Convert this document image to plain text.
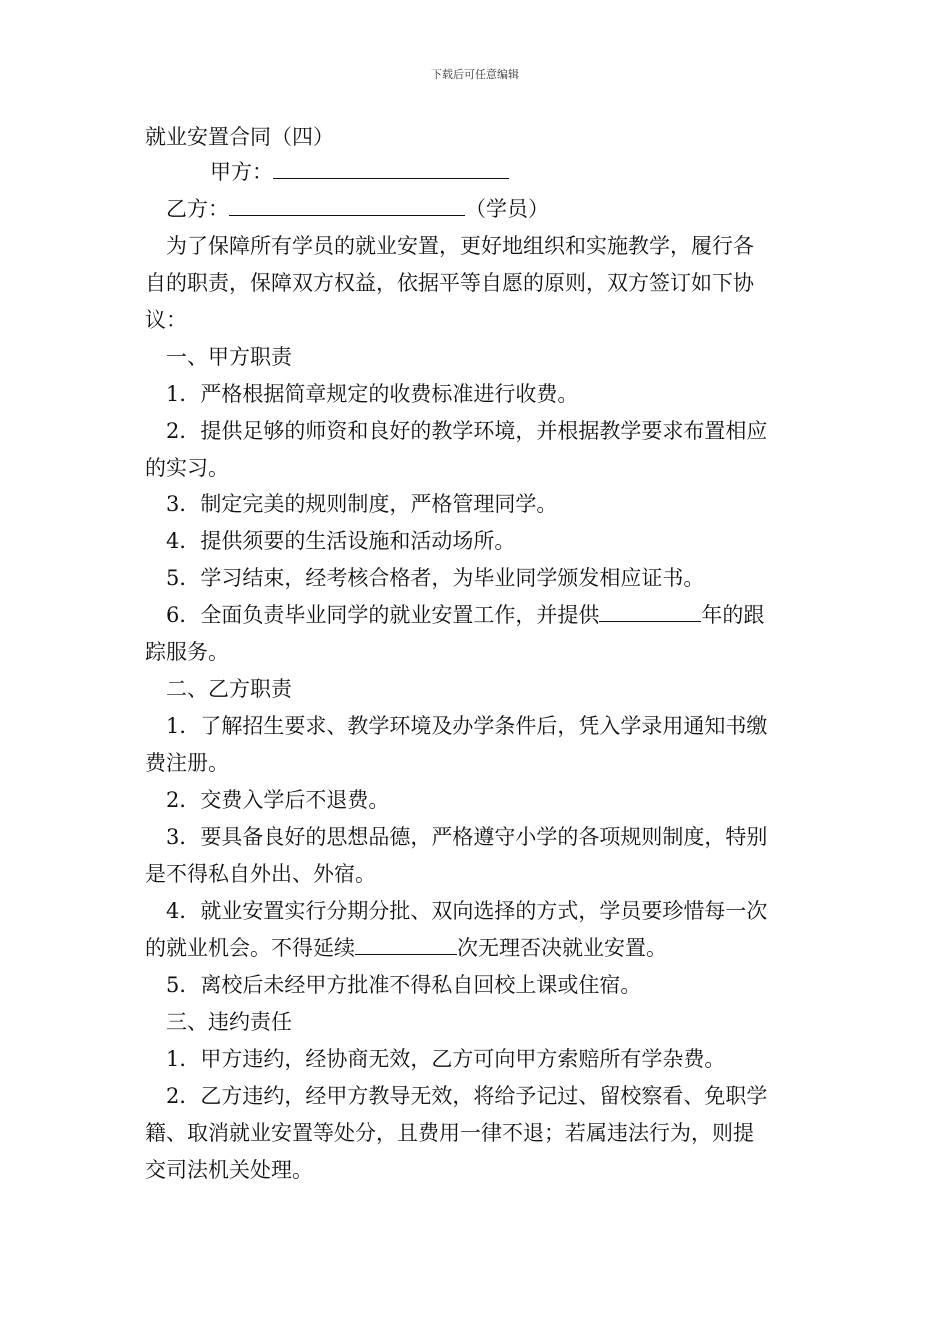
下载后可任意编辑
就业安置合同（四）
甲方：
乙方：	（学员）
为了保障所有学员的就业安置，更好地组织和实施教学，履行各
自的职责，保障双方权益，依据平等自愿的原则，双方签订如下协
议：
一、甲方职责
1．严格根据简章规定的收费标准进行收费。
2．提供足够的师资和良好的教学环境，并根据教学要求布置相应
的实习。
3．制定完美的规则制度，严格管理同学。
4．提供须要的生活设施和活动场所。
5．学习结束，经考核合格者，为毕业同学颁发相应证书。
6．全面负责毕业同学的就业安置工作，并提供	年的跟
踪服务。
二、乙方职责
1．了解招生要求、教学环境及办学条件后，凭入学录用通知书缴
费注册。
2．交费入学后不退费。
3．要具备良好的思想品德，严格遵守小学的各项规则制度，特别
是不得私自外出、外宿。
4．就业安置实行分期分批、双向选择的方式，学员要珍惜每一次
的就业机会。不得延续	次无理否决就业安置。
5．离校后未经甲方批准不得私自回校上课或住宿。
三、违约责任
1．甲方违约，经协商无效，乙方可向甲方索赔所有学杂费。
2．乙方违约，经甲方教导无效，将给予记过、留校察看、免职学
籍、取消就业安置等处分，且费用一律不退；若属违法行为，则提
交司法机关处理。
